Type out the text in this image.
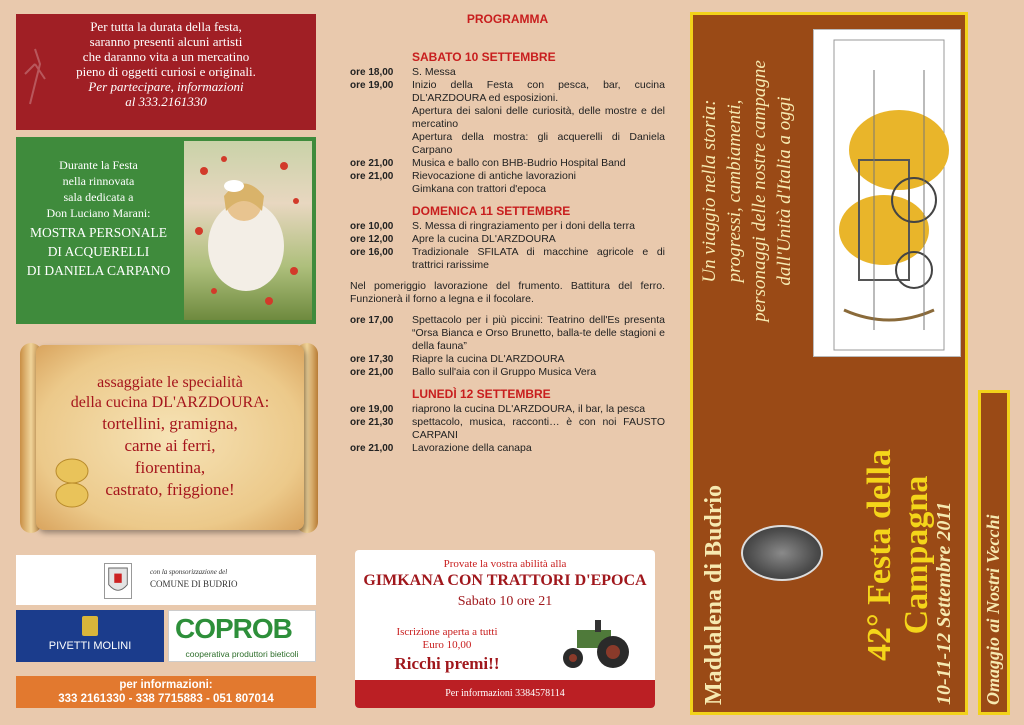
Per tutta la durata della festa,
saranno presenti alcuni artisti
che daranno vita a un mercatino
pieno di oggetti curiosi e originali.
Per partecipare, informazioni
al 333.2161330
Durante la Festa
nella rinnovata
sala dedicata a
Don Luciano Marani:
MOSTRA PERSONALE
DI ACQUERELLI
DI DANIELA CARPANO
assaggiate le specialità
della cucina DL'ARZDOURA:
tortellini, gramigna,
carne ai ferri,
fiorentina,
castrato, friggione!
con la sponsorizzazione del
COMUNE DI BUDRIO
PIVETTI MOLINI
COPROB
cooperativa produttori bieticoli
per informazioni:
333 2161330 - 338 7715883 - 051 807014
PROGRAMMA
SABATO 10 SETTEMBRE
ore 18,00	S. Messa
ore 19,00	Inizio della Festa con pesca, bar, cucina DL'ARZDOURA ed esposizioni.
Apertura dei saloni delle curiosità, delle mostre e del mercatino
Apertura della mostra: gli acquerelli di Daniela Carpano
ore 21,00	Musica e ballo con BHB-Budrio Hospital Band
ore 21,00	Rievocazione di antiche lavorazioni
Gimkana con trattori d'epoca
DOMENICA 11 SETTEMBRE
ore 10,00	S. Messa di ringraziamento per i doni della terra
ore 12,00	Apre la cucina DL'ARZDOURA
ore 16,00	Tradizionale SFILATA di macchine agricole e di trattrici rarissime
Nel pomeriggio lavorazione del frumento. Battitura del ferro. Funzionerà il forno a legna e il focolare.
ore 17,00	Spettacolo per i più piccini: Teatrino dell'Es presenta “Orsa Bianca e Orso Brunetto, balla-te delle stagioni e della fauna”
ore 17,30	Riapre la cucina DL'ARZDOURA
ore 21,00	Ballo sull'aia con il Gruppo Musica Vera
LUNEDÌ 12 SETTEMBRE
ore 19,00	riaprono la cucina DL'ARZDOURA, il bar, la pesca
ore 21,30	spettacolo, musica, racconti… è con noi FAUSTO CARPANI
ore 21,00	Lavorazione della canapa
Provate la vostra abilità alla
GIMKANA CON TRATTORI D'EPOCA
Sabato 10 ore 21
Iscrizione aperta a tutti
Euro 10,00
Ricchi premi!!
Per informazioni 3384578114
Un viaggio nella storia: progressi, cambiamenti, personaggi delle nostre campagne dall'Unità d'Italia a oggi
Maddalena di Budrio	42° Festa della Campagna
10-11-12 Settembre 2011 Omaggio ai Nostri Vecchi
